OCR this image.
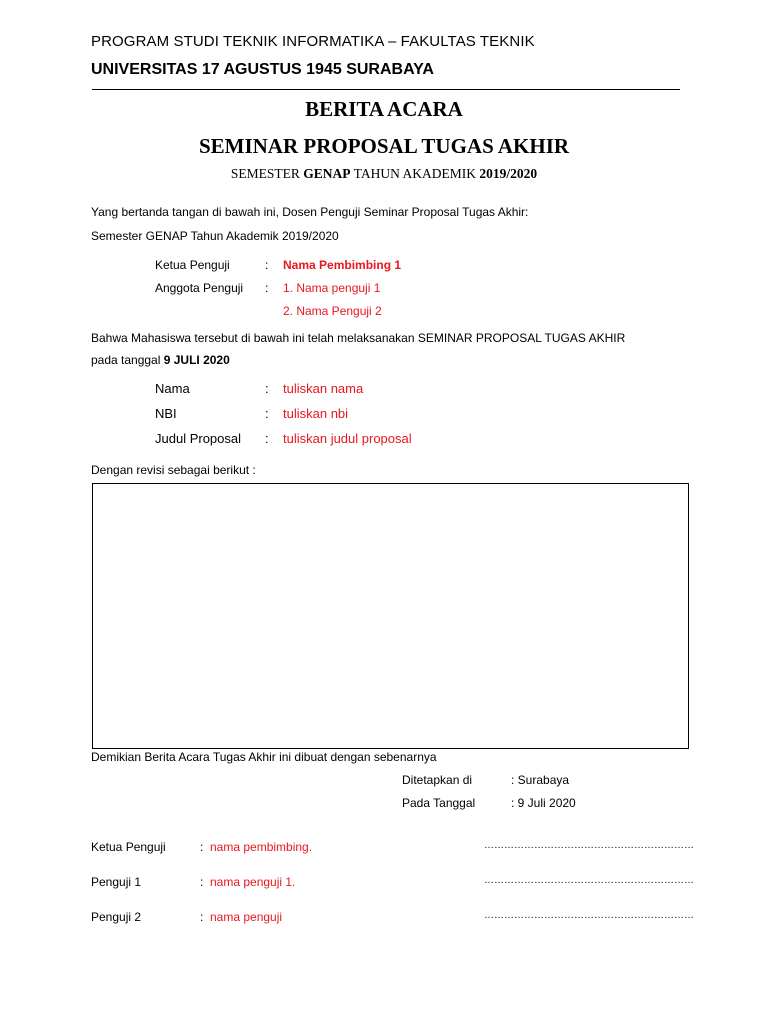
PROGRAM STUDI TEKNIK INFORMATIKA – FAKULTAS TEKNIK
UNIVERSITAS 17 AGUSTUS 1945 SURABAYA
BERITA ACARA
SEMINAR PROPOSAL TUGAS AKHIR
SEMESTER GENAP TAHUN AKADEMIK 2019/2020
Yang bertanda tangan di bawah ini, Dosen Penguji Seminar Proposal Tugas Akhir:
Semester GENAP Tahun Akademik 2019/2020
Ketua Penguji	: Nama Pembimbing 1
Anggota Penguji : 1. Nama penguji 1
2. Nama Penguji 2
Bahwa Mahasiswa tersebut di bawah ini telah melaksanakan SEMINAR PROPOSAL TUGAS AKHIR
pada tanggal 9 JULI 2020
Nama	: tuliskan nama
NBI	: tuliskan nbi
Judul Proposal : tuliskan judul proposal
Dengan revisi sebagai berikut :
Demikian Berita Acara Tugas Akhir ini dibuat dengan sebenarnya
Ditetapkan di	: Surabaya
Pada Tanggal	: 9 Juli 2020
Ketua Penguji	: nama pembimbing.	………………………………………………………
Penguji 1	: nama penguji 1.	………………………………………………………
Penguji 2	: nama penguji	………………………………………………………
